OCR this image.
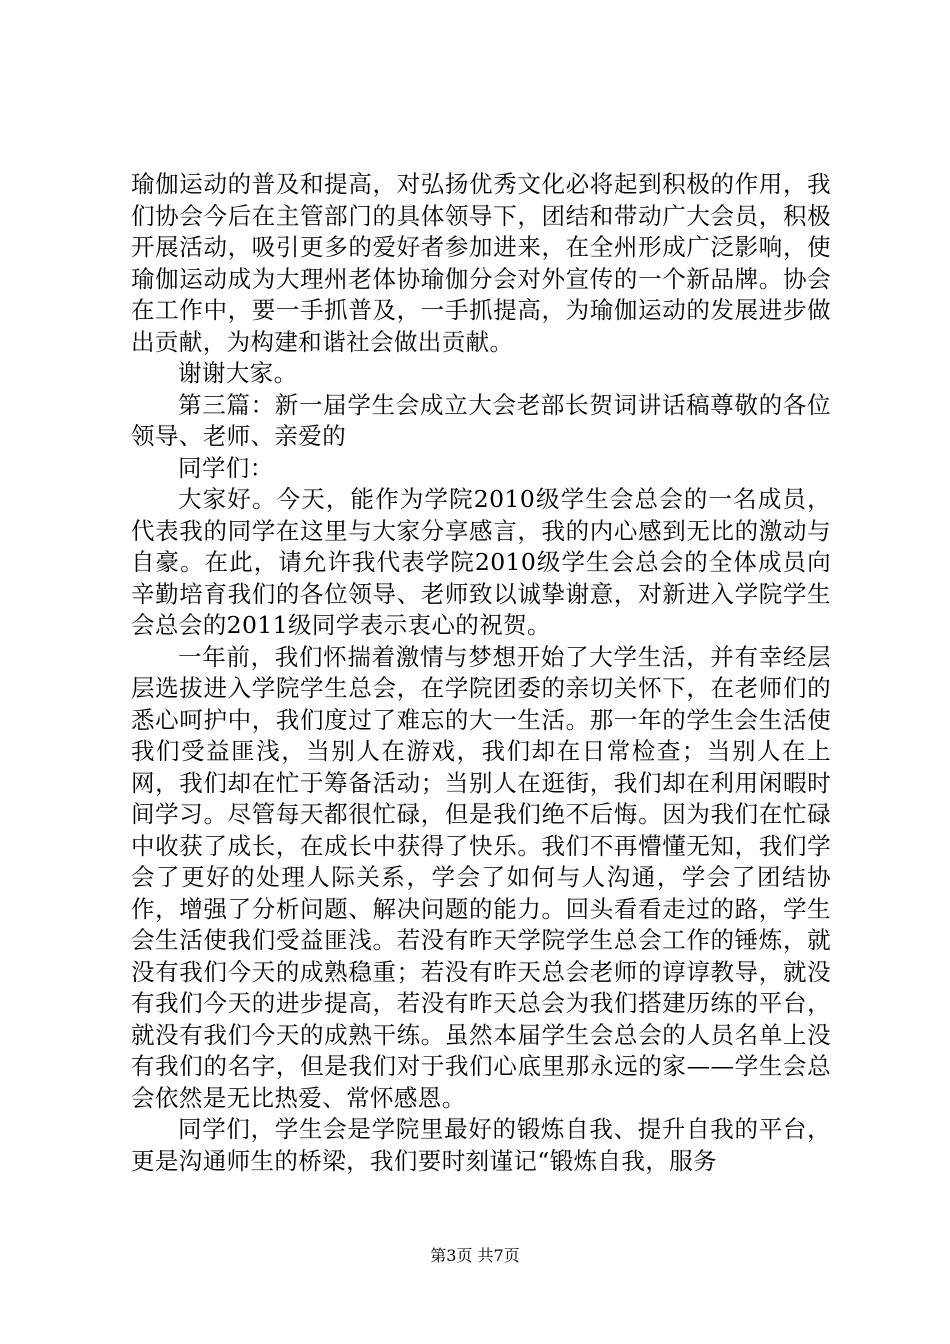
瑜伽运动的普及和提高，对弘扬优秀文化必将起到积极的作用，我们协会今后在主管部门的具体领导下，团结和带动广大会员，积极开展活动，吸引更多的爱好者参加进来，在全州形成广泛影响，使瑜伽运动成为大理州老体协瑜伽分会对外宣传的一个新品牌。协会在工作中，要一手抓普及，一手抓提高，为瑜伽运动的发展进步做出贡献，为构建和谐社会做出贡献。

谢谢大家。

第三篇：新一届学生会成立大会老部长贺词讲话稿尊敬的各位领导、老师、亲爱的

同学们：

大家好。今天，能作为学院2010级学生会总会的一名成员，代表我的同学在这里与大家分享感言，我的内心感到无比的激动与自豪。在此，请允许我代表学院2010级学生会总会的全体成员向辛勤培育我们的各位领导、老师致以诚挚谢意，对新进入学院学生会总会的2011级同学表示衷心的祝贺。

一年前，我们怀揣着激情与梦想开始了大学生活，并有幸经层层选拔进入学院学生总会，在学院团委的亲切关怀下，在老师们的悉心呵护中，我们度过了难忘的大一生活。那一年的学生会生活使我们受益匪浅，当别人在游戏，我们却在日常检查；当别人在上网，我们却在忙于筹备活动；当别人在逛街，我们却在利用闲暇时间学习。尽管每天都很忙碌，但是我们绝不后悔。因为我们在忙碌中收获了成长，在成长中获得了快乐。我们不再懵懂无知，我们学会了更好的处理人际关系，学会了如何与人沟通，学会了团结协作，增强了分析问题、解决问题的能力。回头看看走过的路，学生会生活使我们受益匪浅。若没有昨天学院学生总会工作的锤炼，就没有我们今天的成熟稳重；若没有昨天总会老师的谆谆教导，就没有我们今天的进步提高，若没有昨天总会为我们搭建历练的平台，就没有我们今天的成熟干练。虽然本届学生会总会的人员名单上没有我们的名字，但是我们对于我们心底里那永远的家——学生会总会依然是无比热爱、常怀感恩。

同学们，学生会是学院里最好的锻炼自我、提升自我的平台，更是沟通师生的桥梁，我们要时刻谨记“锻炼自我，服务

第3页 共7页
